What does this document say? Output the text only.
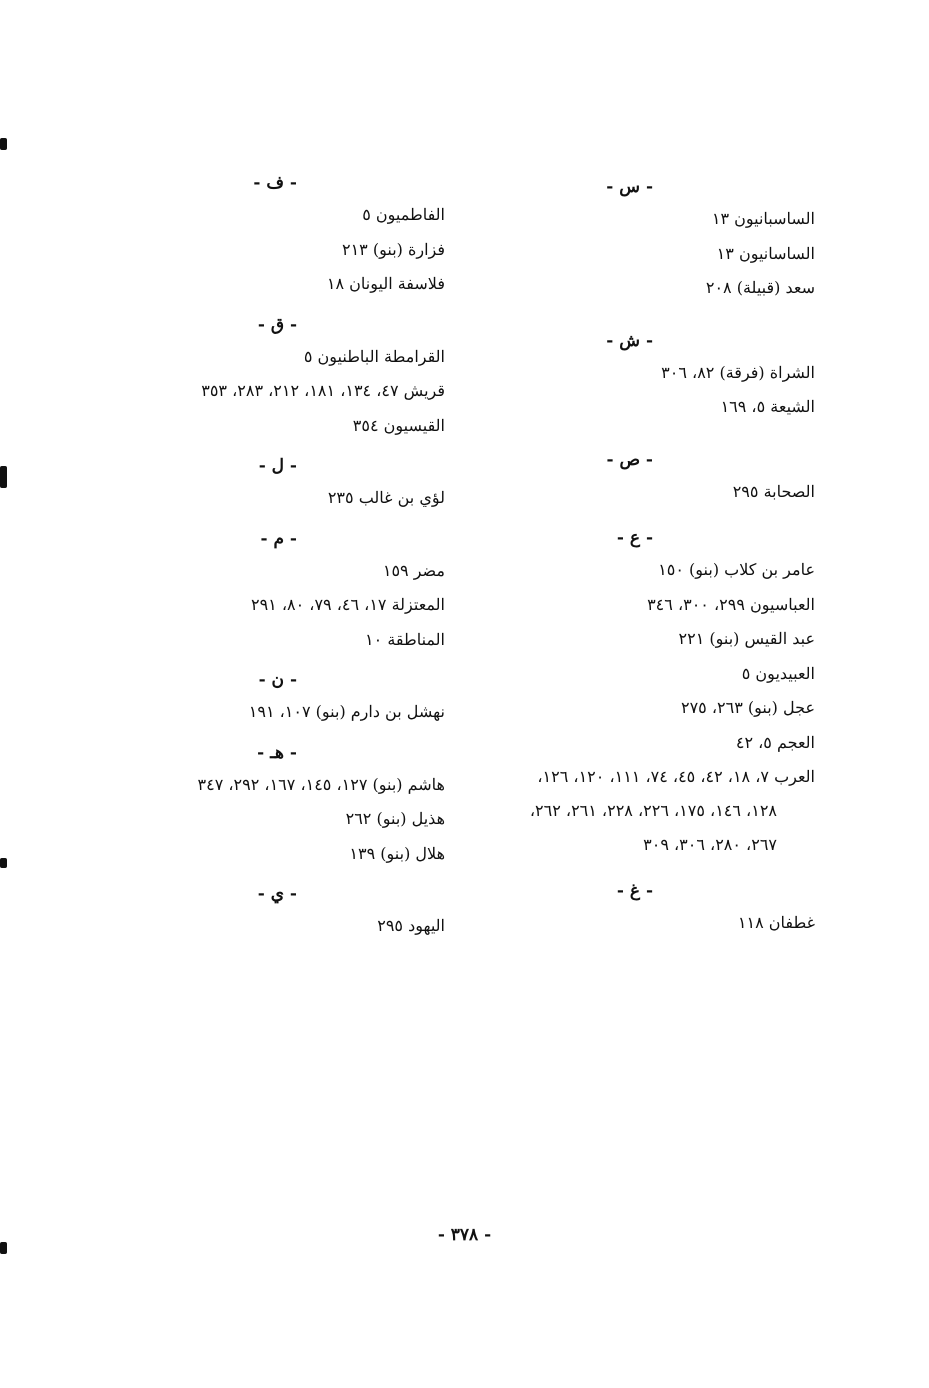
- س -
الساسبانيون ١٣
الساسانيون ١٣
سعد (قبيلة) ٢٠٨
- ش -
الشراة (فرقة) ٨٢، ٣٠٦
الشيعة ٥، ١٦٩
- ص -
الصحابة ٢٩٥
- ع -
عامر بن كلاب (بنو) ١٥٠
العباسيون ٢٩٩، ٣٠٠، ٣٤٦
عبد القيس (بنو) ٢٢١
العبيديون ٥
عجل (بنو) ٢٦٣، ٢٧٥
العجم ٥، ٤٢
العرب ٧، ١٨، ٤٢، ٤٥، ٧٤، ١١١، ١٢٠، ١٢٦،
١٢٨، ١٤٦، ١٧٥، ٢٢٦، ٢٢٨، ٢٦١، ٢٦٢،
٢٦٧، ٢٨٠، ٣٠٦، ٣٠٩
- غ -
غطفان ١١٨
- ف -
الفاطميون ٥
فزارة (بنو) ٢١٣
فلاسفة اليونان ١٨
- ق -
القرامطة الباطنيون ٥
قريش ٤٧، ١٣٤، ١٨١، ٢١٢، ٢٨٣، ٣٥٣
القيسيون ٣٥٤
- ل -
لؤي بن غالب ٢٣٥
- م -
مضر ١٥٩
المعتزلة ١٧، ٤٦، ٧٩، ٨٠، ٢٩١
المناطقة ١٠
- ن -
نهشل بن دارم (بنو) ١٠٧، ١٩١
- هـ -
هاشم (بنو) ١٢٧، ١٤٥، ١٦٧، ٢٩٢، ٣٤٧
هذيل (بنو) ٢٦٢
هلال (بنو) ١٣٩
- ي -
اليهود ٢٩٥
- ٣٧٨ -
